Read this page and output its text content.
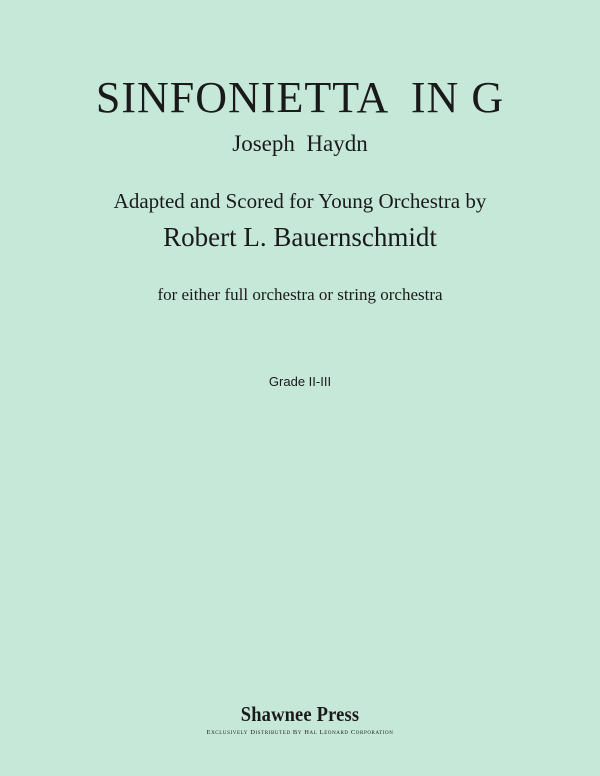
SINFONIETTA  IN G
Joseph  Haydn
Adapted and Scored for Young Orchestra by
Robert L. Bauernschmidt
for either full orchestra or string orchestra
Grade II-III
Shawnee Press
Exclusively Distributed By Hal Leonard Corporation
